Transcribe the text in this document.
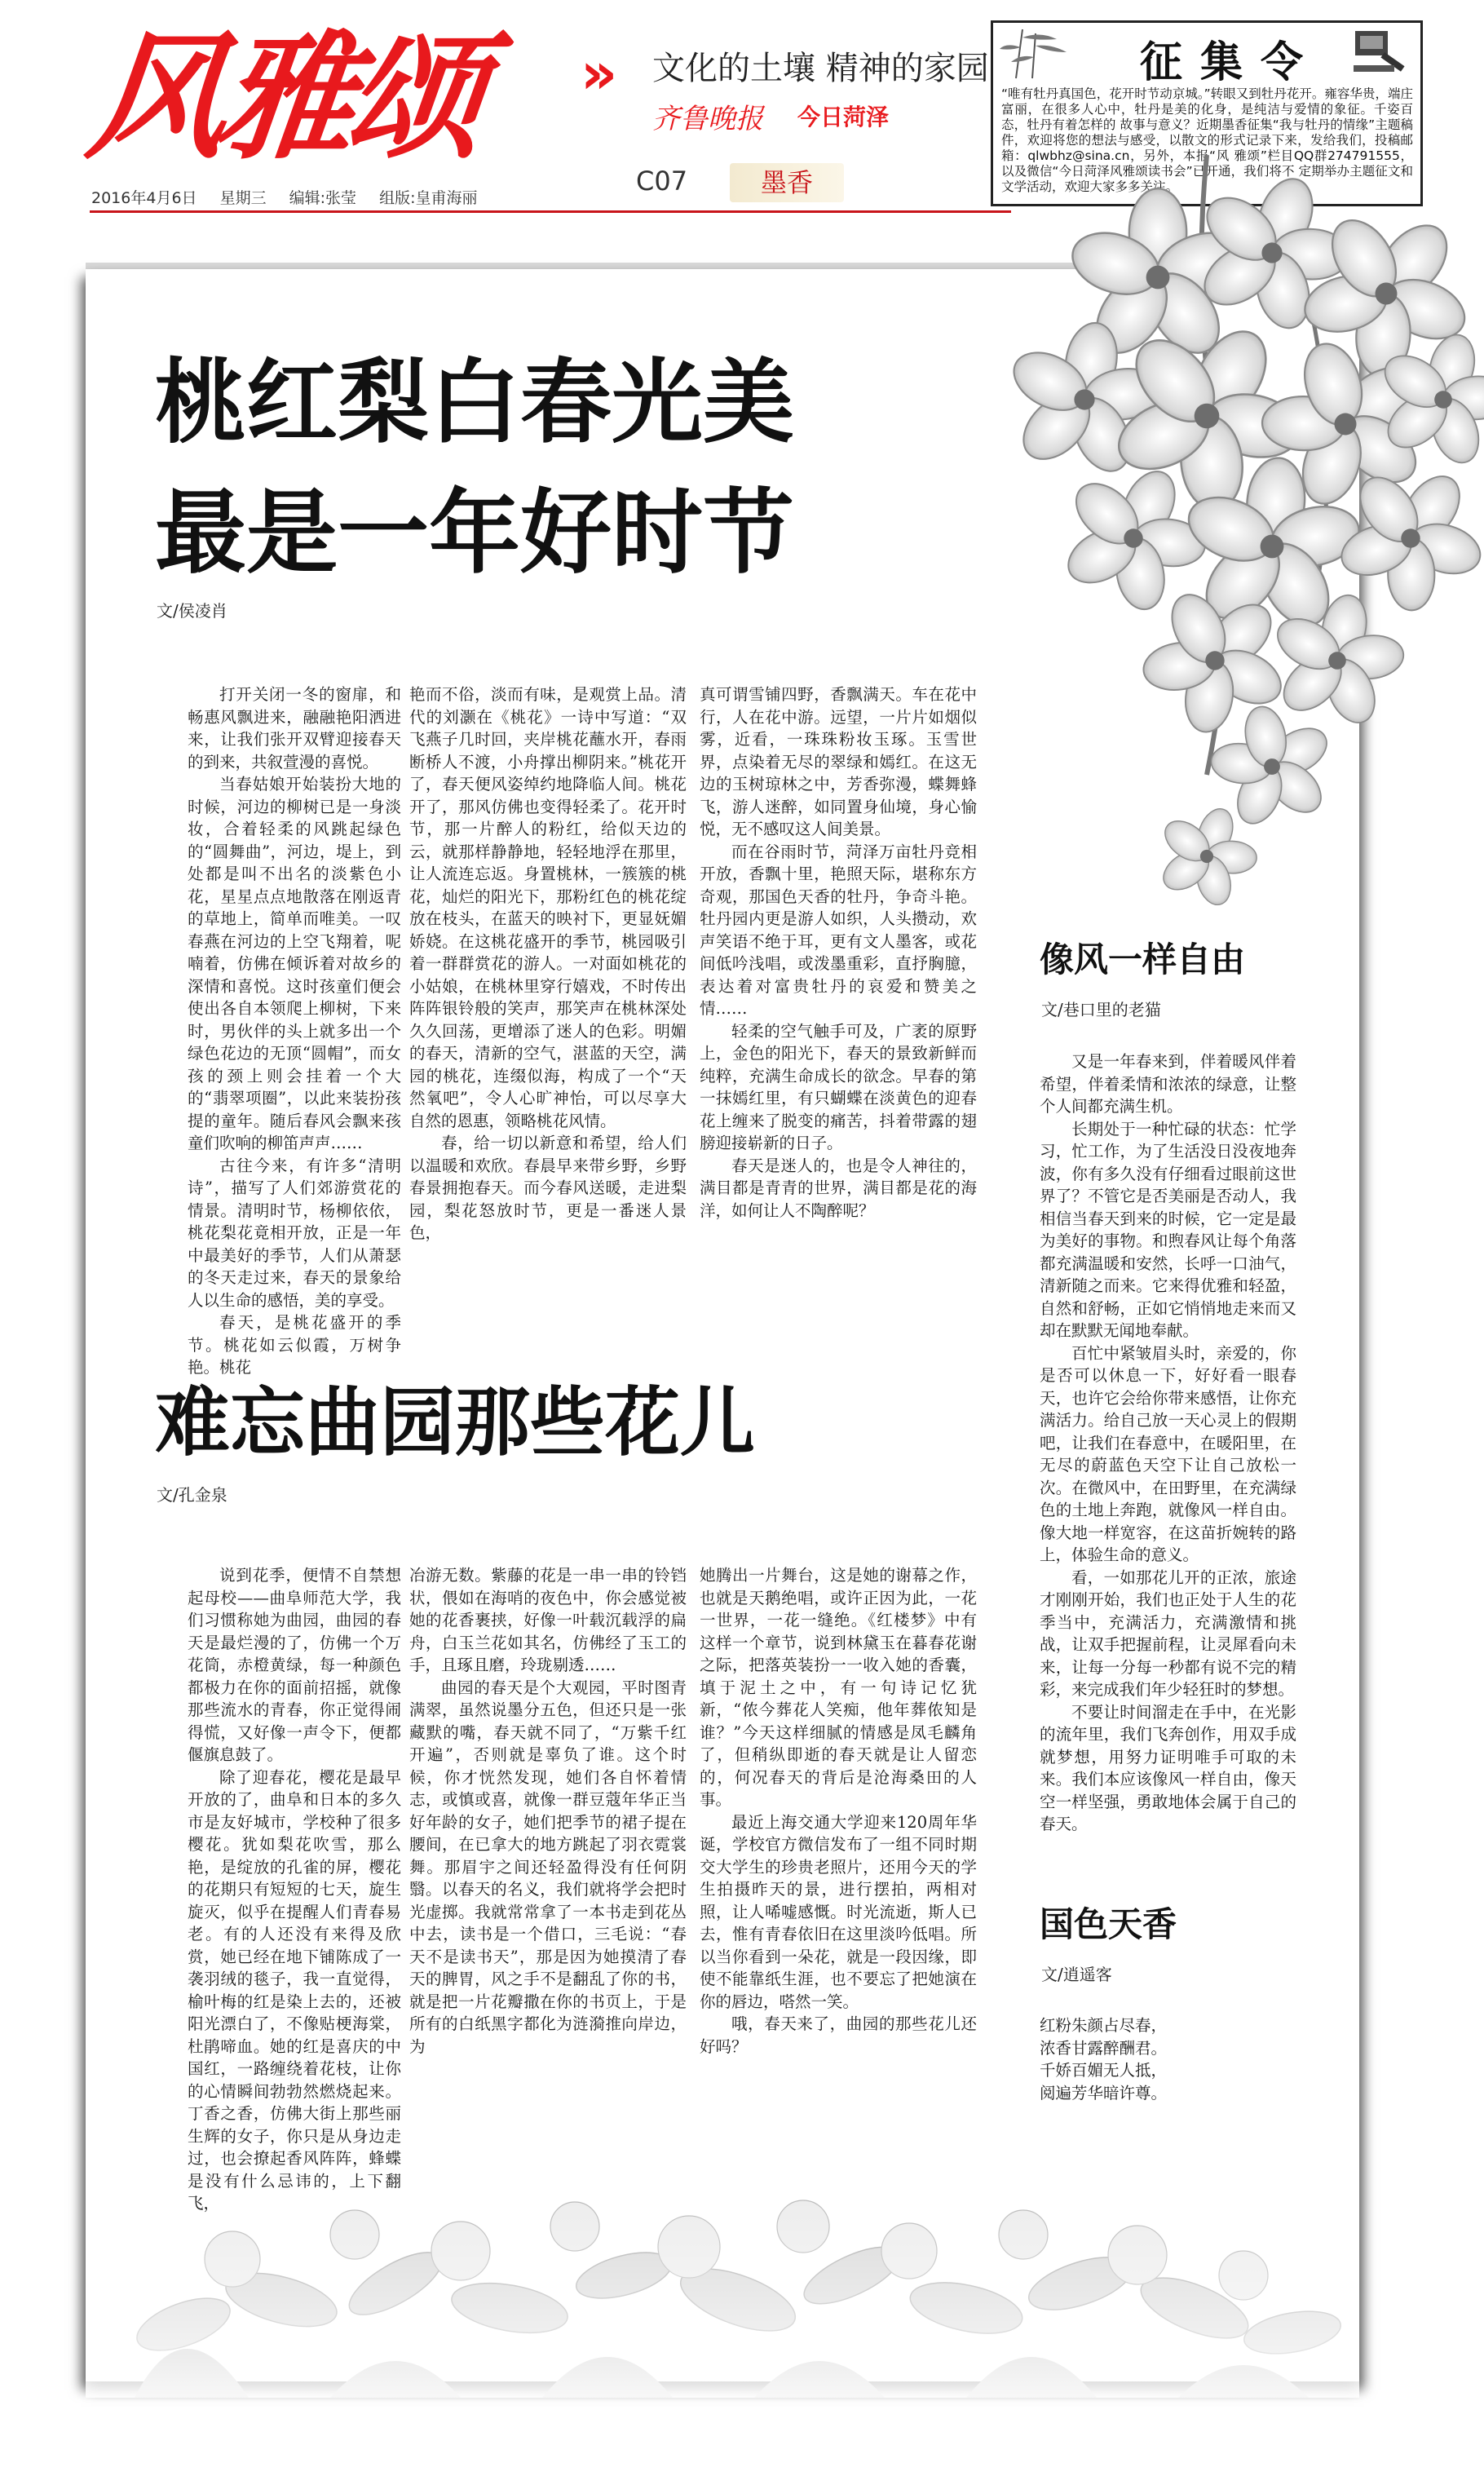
风雅颂	» 文化的土壤 精神的家园
齐鲁晚报 今日菏泽
2016年4月6日 星期三 编辑:张莹 组版:皇甫海丽
C07	墨香
征集令
“唯有牡丹真国色，花开时节动京城。”转眼又到牡丹花开。雍容华贵，端庄富丽，在很多人心中，牡丹是美的化身，是纯洁与爱情的象征。千姿百态，牡丹有着怎样的 故事与意义？近期墨香征集“我与牡丹的情缘”主题稿件，欢迎将您的想法与感受，以散文的形式记录下来，发给我们，投稿邮箱：qlwbhz@sina.cn，另外，本报“风 雅颂”栏目QQ群274791555，以及微信“今日菏泽风雅颂读书会”已开通，我们将不 定期举办主题征文和文学活动，欢迎大家多多关注。
桃红梨白春光美
最是一年好时节
文/侯凌肖

打开关闭一冬的窗扉，和畅惠风飘进来，融融艳阳洒进来，让我们张开双臂迎接春天的到来，共叙萱漫的喜悦。

当春姑娘开始装扮大地的时候，河边的柳树已是一身淡妆，合着轻柔的风跳起绿色的“圆舞曲”，河边，堤上，到处都是叫不出名的淡紫色小花，星星点点地散落在刚返青的草地上，简单而唯美。一叹春燕在河边的上空飞翔着，呢喃着，仿佛在倾诉着对故乡的深情和喜悦。这时孩童们便会使出各自本领爬上柳树，下来时，男伙伴的头上就多出一个绿色花边的无顶“圆帽”，而女孩的颈上则会挂着一个大的“翡翠项圈”，以此来装扮孩提的童年。随后春风会飘来孩童们吹响的柳笛声声……

古往今来，有许多“清明诗”，描写了人们郊游赏花的情景。清明时节，杨柳依依，桃花梨花竟相开放，正是一年中最美好的季节，人们从萧瑟的冬天走过来，春天的景象给人以生命的感悟，美的享受。

春天，是桃花盛开的季节。桃花如云似霞，万树争艳。桃花

艳而不俗，淡而有味，是观赏上品。清代的刘灏在《桃花》一诗中写道：“双飞燕子几时回，夹岸桃花蘸水开，春雨断桥人不渡，小舟撑出柳阴来。”桃花开了，春天便风姿绰约地降临人间。桃花开了，那风仿佛也变得轻柔了。花开时节，那一片醉人的粉红，给似天边的云，就那样静静地，轻轻地浮在那里，让人流连忘返。身置桃林，一簇簇的桃花，灿烂的阳光下，那粉红色的桃花绽放在枝头，在蓝天的映衬下，更显妩媚娇娆。在这桃花盛开的季节，桃园吸引着一群群赏花的游人。一对面如桃花的小姑娘，在桃林里穿行嬉戏，不时传出阵阵银铃般的笑声，那笑声在桃林深处久久回荡，更增添了迷人的色彩。明媚的春天，清新的空气，湛蓝的天空，满园的桃花，连缀似海，构成了一个“天然氧吧”，令人心旷神怡，可以尽享大自然的恩惠，领略桃花风情。

春，给一切以新意和希望，给人们以温暖和欢欣。春晨早来带乡野，乡野春景拥抱春天。而今春风送暖，走进梨园，梨花怒放时节，更是一番迷人景色，

真可谓雪铺四野，香飘满天。车在花中行，人在花中游。远望，一片片如烟似雾，近看，一珠珠粉妆玉琢。玉雪世界，点染着无尽的翠绿和嫣红。在这无边的玉树琼林之中，芳香弥漫，蝶舞蜂飞，游人迷醉，如同置身仙境，身心愉悦，无不感叹这人间美景。

而在谷雨时节，菏泽万亩牡丹竞相开放，香飘十里，艳照天际，堪称东方奇观，那国色天香的牡丹，争奇斗艳。牡丹园内更是游人如织，人头攒动，欢声笑语不绝于耳，更有文人墨客，或花间低吟浅唱，或泼墨重彩，直抒胸臆，表达着对富贵牡丹的哀爱和赞美之情……

轻柔的空气触手可及，广袤的原野上，金色的阳光下，春天的景致新鲜而纯粹，充满生命成长的欲念。早春的第一抹嫣红里，有只蝴蝶在淡黄色的迎春花上缠来了脱变的痛苦，抖着带露的翅膀迎接崭新的日子。

春天是迷人的，也是令人神往的，满目都是青青的世界，满目都是花的海洋，如何让人不陶醉呢？

难忘曲园那些花儿
文/孔金泉

说到花季，便情不自禁想起母校——曲阜师范大学，我们习惯称她为曲园，曲园的春天是最烂漫的了，仿佛一个万花筒，赤橙黄绿，每一种颜色都极力在你的面前招摇，就像那些流水的青春，你正觉得闹得慌，又好像一声令下，便都偃旗息鼓了。

除了迎春花，樱花是最早开放的了，曲阜和日本的多久市是友好城市，学校种了很多樱花。犹如梨花吹雪，那么艳，是绽放的孔雀的屏，樱花的花期只有短短的七天，旋生旋灭，似乎在提醒人们青春易老。有的人还没有来得及欣赏，她已经在地下铺陈成了一袭羽绒的毯子，我一直觉得，榆叶梅的红是染上去的，还被阳光漂白了，不像贴梗海棠，杜鹃啼血。她的红是喜庆的中国红，一路缠绕着花枝，让你的心情瞬间勃勃然燃烧起来。丁香之香，仿佛大街上那些丽生辉的女子，你只是从身边走过，也会撩起香风阵阵，蜂蝶是没有什么忌讳的，上下翻飞，

冶游无数。紫藤的花是一串一串的铃铛状，偎如在海哨的夜色中，你会感觉被她的花香裹挟，好像一叶载沉载浮的扁舟，白玉兰花如其名，仿佛经了玉工的手，且琢且磨，玲珑剔透……

曲园的春天是个大观园，平时图青满翠，虽然说墨分五色，但还只是一张藏默的嘴，春天就不同了，“万紫千红开遍”，否则就是辜负了谁。这个时候，你才恍然发现，她们各自怀着情志，或慎或喜，就像一群豆蔻年华正当好年龄的女子，她们把季节的裙子提在腰间，在已拿大的地方跳起了羽衣霓裳舞。那眉宇之间还轻盈得没有任何阴翳。以春天的名义，我们就将学会把时光虚掷。我就常常拿了一本书走到花丛中去，读书是一个借口，三毛说：“春天不是读书天”，那是因为她摸清了春天的脾胃，风之手不是翻乱了你的书，就是把一片花瓣撒在你的书页上，于是所有的白纸黑字都化为涟漪推向岸边，为

她腾出一片舞台，这是她的谢幕之作，也就是天鹅绝唱，或许正因为此，一花一世界，一花一缝绝。《红楼梦》中有这样一个章节，说到林黛玉在暮春花谢之际，把落英装扮一一收入她的香囊，填于泥土之中，有一句诗记忆犹新，“侬今葬花人笑痴，他年葬侬知是谁？”今天这样细腻的情感是凤毛麟角了，但稍纵即逝的春天就是让人留恋的，何况春天的背后是沧海桑田的人事。

最近上海交通大学迎来120周年华诞，学校官方微信发布了一组不同时期交大学生的珍贵老照片，还用今天的学生拍摄昨天的景，进行摆拍，两相对照，让人唏嘘感慨。时光流逝，斯人已去，惟有青春依旧在这里淡吟低唱。所以当你看到一朵花，就是一段因缘，即使不能靠纸生涯，也不要忘了把她演在你的唇边，嗒然一笑。

哦，春天来了，曲园的那些花儿还好吗？

像风一样自由
文/巷口里的老猫

又是一年春来到，伴着暖风伴着希望，伴着柔情和浓浓的绿意，让整个人间都充满生机。

长期处于一种忙碌的状态：忙学习，忙工作，为了生活没日没夜地奔波，你有多久没有仔细看过眼前这世界了？不管它是否美丽是否动人，我相信当春天到来的时候，它一定是最为美好的事物。和煦春风让每个角落都充满温暖和安然，长呼一口油气，清新随之而来。它来得优雅和轻盈，自然和舒畅，正如它悄悄地走来而又却在默默无闻地奉献。

百忙中紧皱眉头时，亲爱的，你是否可以休息一下，好好看一眼春天，也许它会给你带来感悟，让你充满活力。给自己放一天心灵上的假期吧，让我们在春意中，在暖阳里，在无尽的蔚蓝色天空下让自己放松一次。在微风中，在田野里，在充满绿色的土地上奔跑，就像风一样自由。像大地一样宽容，在这苗折婉转的路上，体验生命的意义。

看，一如那花儿开的正浓，旅途才刚刚开始，我们也正处于人生的花季当中，充满活力，充满激情和挑战，让双手把握前程，让灵犀看向未来，让每一分每一秒都有说不完的精彩，来完成我们年少轻狂时的梦想。

不要让时间溜走在手中，在光影的流年里，我们飞奔创作，用双手成就梦想，用努力证明唯手可取的未来。我们本应该像风一样自由，像天空一样坚强，勇敢地体会属于自己的春天。

国色天香
文/逍遥客

红粉朱颜占尽春，

浓香甘露醉酬君。

千娇百媚无人抵，

阅遍芳华暗许尊。
